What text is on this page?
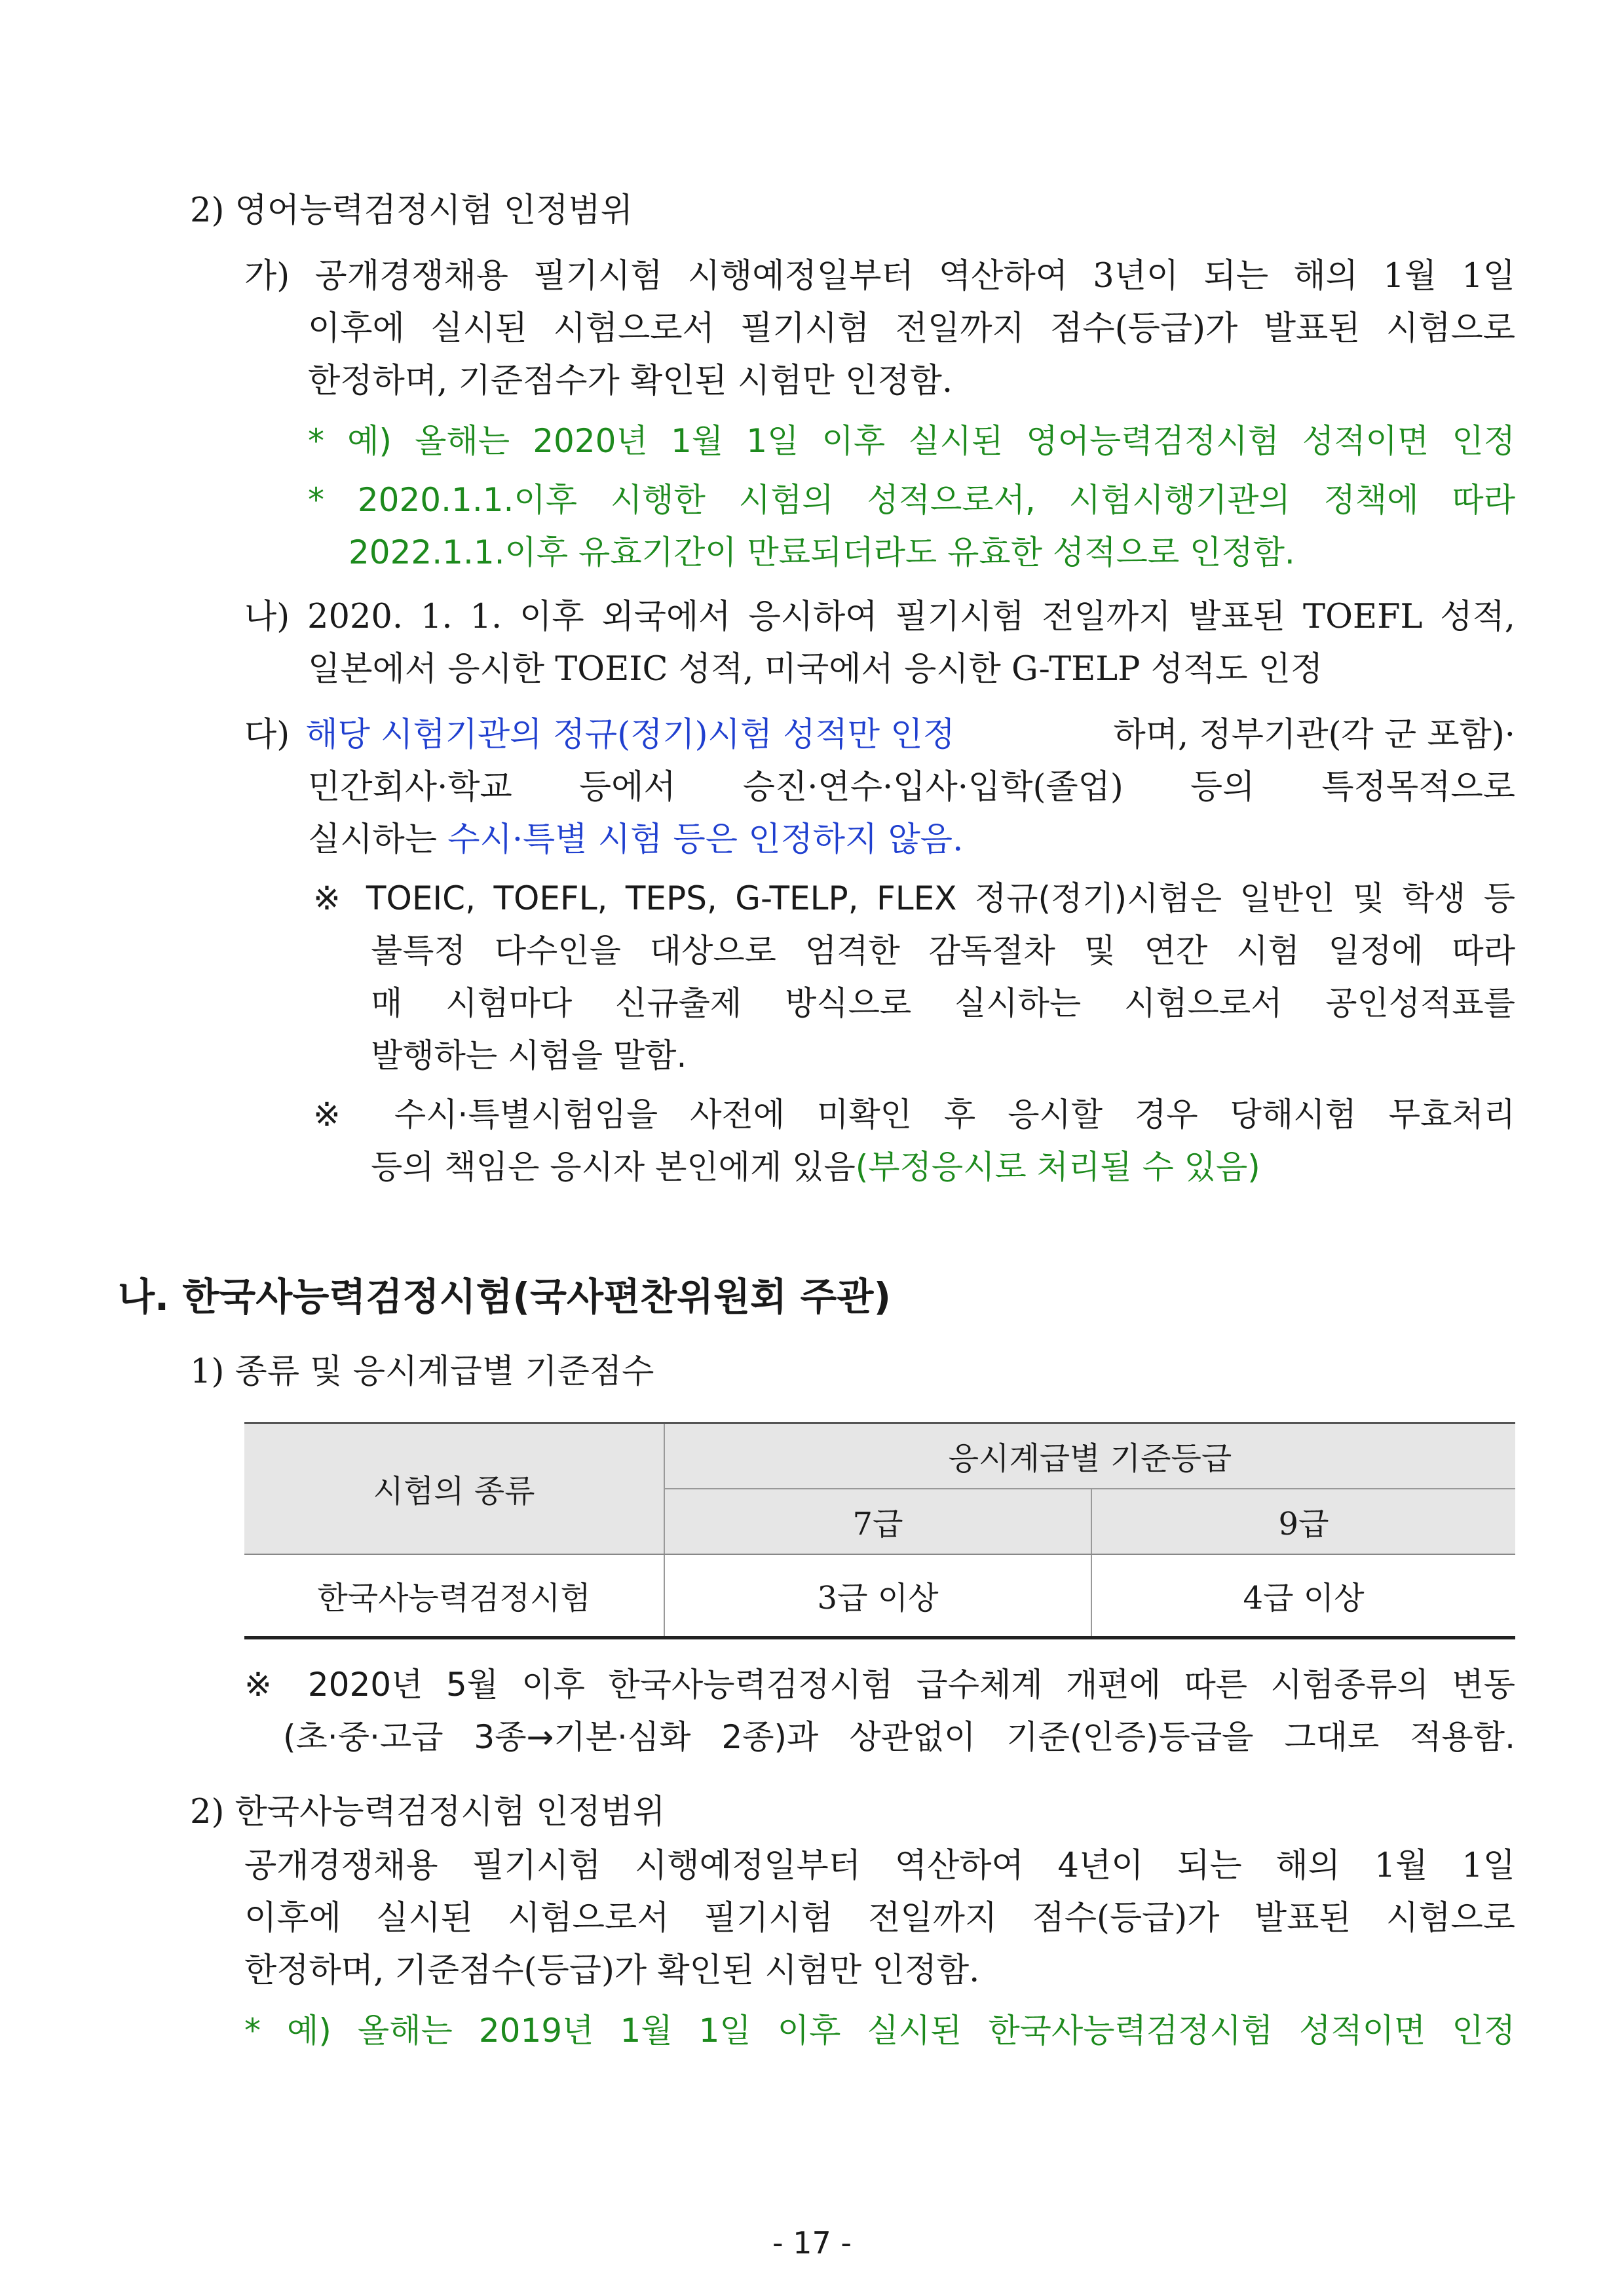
2) 영어능력검정시험 인정범위
가) 공개경쟁채용 필기시험 시행예정일부터 역산하여 3년이 되는 해의 1월 1일
이후에 실시된 시험으로서 필기시험 전일까지 점수(등급)가 발표된 시험으로
한정하며, 기준점수가 확인된 시험만 인정함.
* 예) 올해는 2020년 1월 1일 이후 실시된 영어능력검정시험 성적이면 인정
* 2020.1.1.이후 시행한 시험의 성적으로서, 시험시행기관의 정책에 따라
2022.1.1.이후 유효기간이 만료되더라도 유효한 성적으로 인정함.
나) 2020. 1. 1. 이후 외국에서 응시하여 필기시험 전일까지 발표된 TOEFL 성적,
일본에서 응시한 TOEIC 성적, 미국에서 응시한 G-TELP 성적도 인정
다) 해당 시험기관의 정규(정기)시험 성적만 인정	하며, 정부기관(각 군 포함)·
민간회사·학교 등에서 승진·연수·입사·입학(졸업) 등의 특정목적으로
실시하는 수시·특별 시험 등은 인정하지 않음.
※ TOEIC, TOEFL, TEPS, G-TELP, FLEX 정규(정기)시험은 일반인 및 학생 등
불특정 다수인을 대상으로 엄격한 감독절차 및 연간 시험 일정에 따라
매 시험마다 신규출제 방식으로 실시하는 시험으로서 공인성적표를
발행하는 시험을 말함.
※ 수시·특별시험임을 사전에 미확인 후 응시할 경우 당해시험 무효처리
등의 책임은 응시자 본인에게 있음(부정응시로 처리될 수 있음)
나. 한국사능력검정시험(국사편찬위원회 주관)
1) 종류 및 응시계급별 기준점수
시험의 종류	응시계급별 기준등급	
	7급	9급
한국사능력검정시험	3급 이상	4급 이상
※ 2020년 5월 이후 한국사능력검정시험 급수체계 개편에 따른 시험종류의 변동
(초·중·고급 3종→기본·심화 2종)과 상관없이 기준(인증)등급을 그대로 적용함.
2) 한국사능력검정시험 인정범위
공개경쟁채용 필기시험 시행예정일부터 역산하여 4년이 되는 해의 1월 1일
이후에 실시된 시험으로서 필기시험 전일까지 점수(등급)가 발표된 시험으로
한정하며, 기준점수(등급)가 확인된 시험만 인정함.
* 예) 올해는 2019년 1월 1일 이후 실시된 한국사능력검정시험 성적이면 인정
- 17 -
